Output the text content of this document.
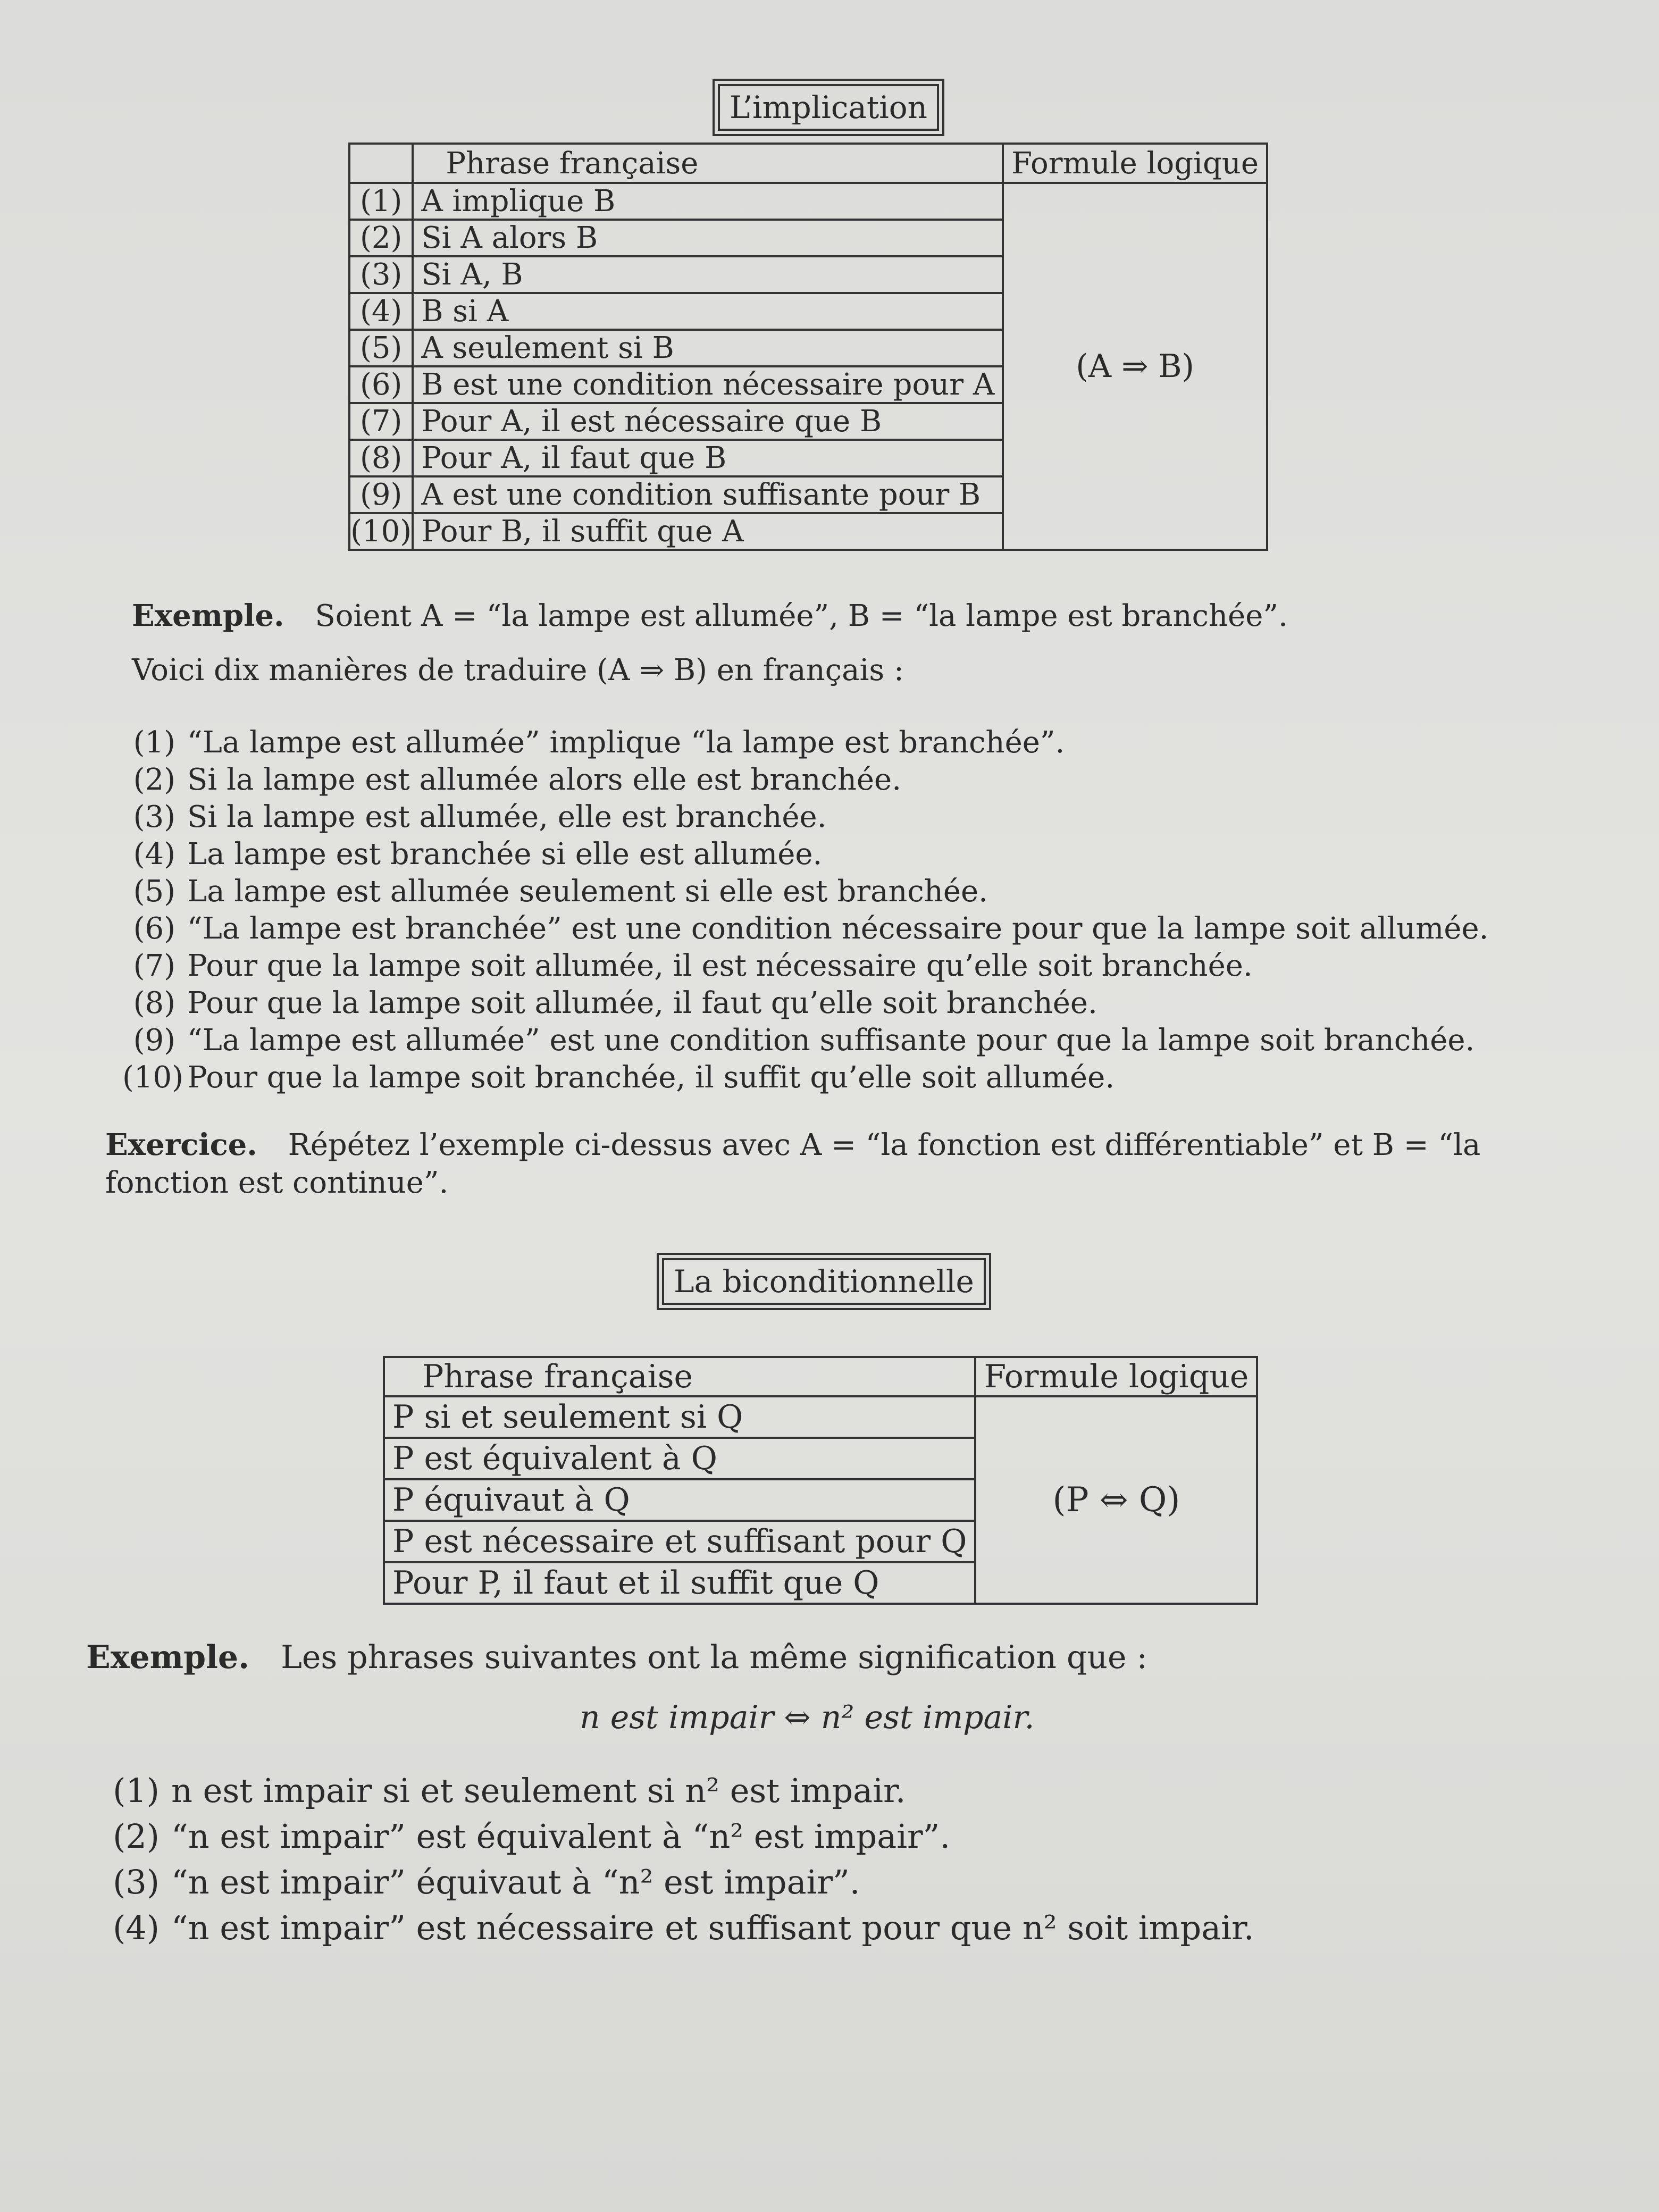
L’implication
	Phrase française	Formule logique
(1)	A implique B	(A ⇒ B)
(2)	Si A alors B	
(3)	Si A, B	
(4)	B si A	
(5)	A seulement si B	
(6)	B est une condition nécessaire pour A	
(7)	Pour A, il est nécessaire que B	
(8)	Pour A, il faut que B	
(9)	A est une condition suffisante pour B	
(10)	Pour B, il suffit que A	
Exemple. Soient A = “la lampe est allumée”, B = “la lampe est branchée”.
Voici dix manières de traduire (A ⇒ B) en français :
(1) “La lampe est allumée” implique “la lampe est branchée”.
(2) Si la lampe est allumée alors elle est branchée.
(3) Si la lampe est allumée, elle est branchée.
(4) La lampe est branchée si elle est allumée.
(5) La lampe est allumée seulement si elle est branchée.
(6) “La lampe est branchée” est une condition nécessaire pour que la lampe soit allumée.
(7) Pour que la lampe soit allumée, il est nécessaire qu’elle soit branchée.
(8) Pour que la lampe soit allumée, il faut qu’elle soit branchée.
(9) “La lampe est allumée” est une condition suffisante pour que la lampe soit branchée.
(10) Pour que la lampe soit branchée, il suffit qu’elle soit allumée.
Exercice. Répétez l’exemple ci-dessus avec A = “la fonction est différentiable” et B = “la
fonction est continue”.
La biconditionnelle
Phrase française	Formule logique
P si et seulement si Q	(P ⇔ Q)
P est équivalent à Q	
P équivaut à Q	
P est nécessaire et suffisant pour Q	
Pour P, il faut et il suffit que Q	
Exemple. Les phrases suivantes ont la même signification que :
n est impair ⇔ n² est impair.
(1) n est impair si et seulement si n² est impair.
(2) “n est impair” est équivalent à “n² est impair”.
(3) “n est impair” équivaut à “n² est impair”.
(4) “n est impair” est nécessaire et suffisant pour que n² soit impair.
